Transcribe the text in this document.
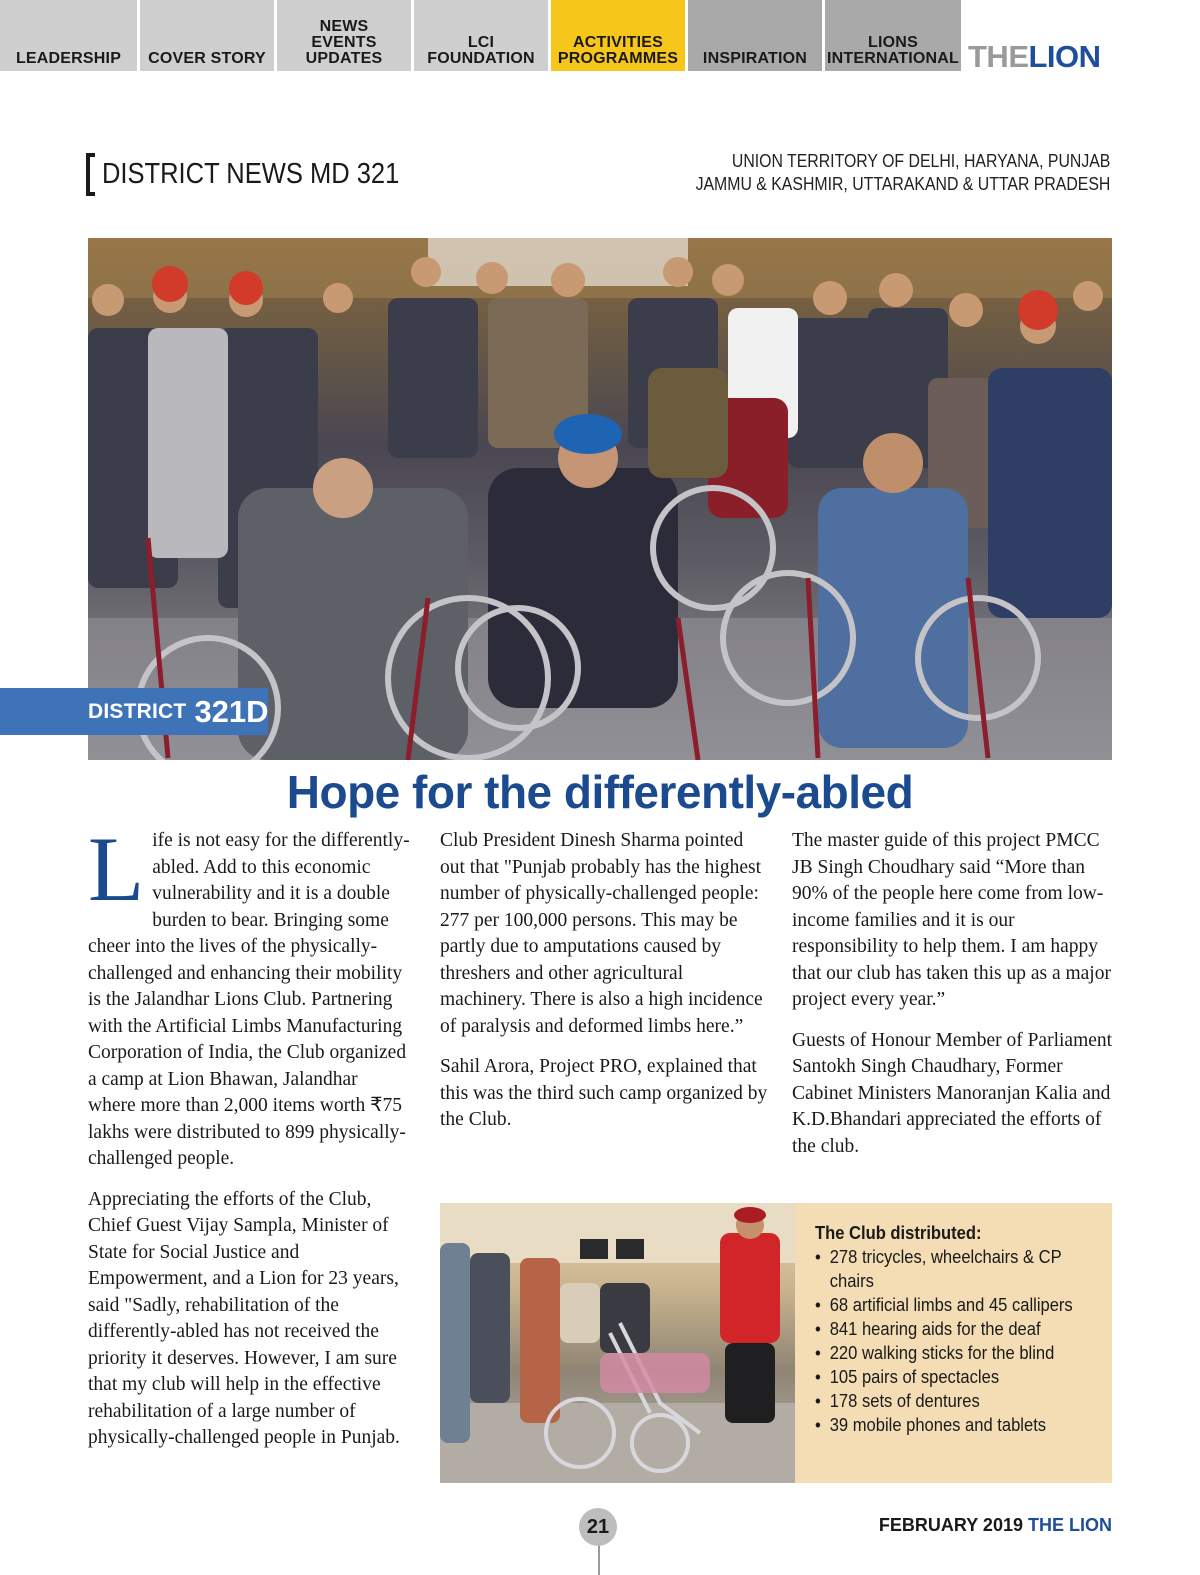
LEADERSHIP COVER STORY
NEWS
EVENTS
UPDATES
LCI
FOUNDATION
ACTIVITIES
PROGRAMMES INSPIRATION
LIONS
INTERNATIONAL THELION
DISTRICT NEWS MD 321	UNION TERRITORY OF DELHI, HARYANA, PUNJAB
JAMMU & KASHMIR, UTTARAKAND & UTTAR PRADESH
DISTRICT 321D
Hope for the differently-abled

Life is not easy for the differently-abled. Add to this economic vulnerability and it is a double burden to bear. Bringing some cheer into the lives of the physically-challenged and enhancing their mobility is the Jalandhar Lions Club. Partnering with the Artificial Limbs Manufacturing Corporation of India, the Club organized a camp at Lion Bhawan, Jalandhar where more than 2,000 items worth ₹75 lakhs were distributed to 899 physically-challenged people.

Appreciating the efforts of the Club, Chief Guest Vijay Sampla, Minister of State for Social Justice and Empowerment, and a Lion for 23 years, said "Sadly, rehabilitation of the differently-abled has not received the priority it deserves. However, I am sure that my club will help in the effective rehabilitation of a large number of physically-challenged people in Punjab.

Club President Dinesh Sharma pointed out that "Punjab probably has the highest number of physically-challenged people: 277 per 100,000 persons. This may be partly due to amputations caused by threshers and other agricultural machinery. There is also a high incidence of paralysis and deformed limbs here.”

Sahil Arora, Project PRO, explained that this was the third such camp organized by the Club.

The master guide of this project PMCC JB Singh Choudhary said “More than 90% of the people here come from low-income families and it is our responsibility to help them. I am happy that our club has taken this up as a major project every year.”

Guests of Honour Member of Parliament Santokh Singh Chaudhary, Former Cabinet Ministers Manoranjan Kalia and K.D.Bhandari appreciated the efforts of the club.

The Club distributed:
• 278 tricycles, wheelchairs & CP chairs
• 68 artificial limbs and 45 callipers
• 841 hearing aids for the deaf
• 220 walking sticks for the blind
• 105 pairs of spectacles
• 178 sets of dentures
• 39 mobile phones and tablets
21	FEBRUARY 2019 THE LION
